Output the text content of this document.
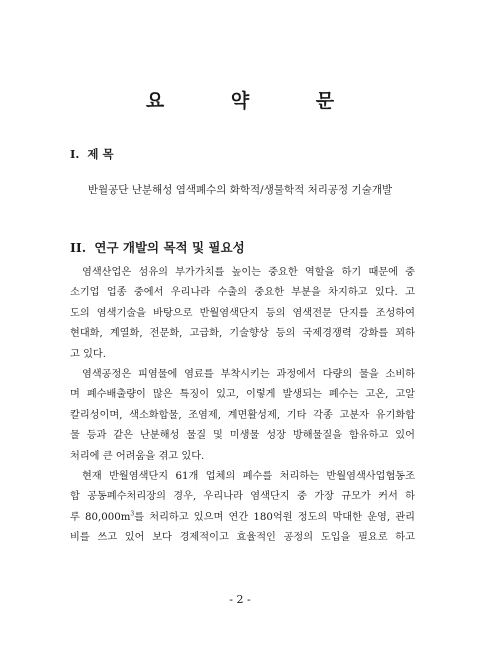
요 약 문
I. 제 목

반월공단 난분해성 염색폐수의 화학적/생물학적 처리공정 기술개발

II. 연구 개발의 목적 및 필요성
염색산업은 섬유의 부가가치를 높이는 중요한 역할을 하기 때문에 중
소기업 업종 중에서 우리나라 수출의 중요한 부분을 차지하고 있다. 고
도의 염색기술을 바탕으로 반월염색단지 등의 염색전문 단지를 조성하여
현대화, 계열화, 전문화, 고급화, 기술향상 등의 국제경쟁력 강화를 꾀하
고 있다.
염색공정은 피염물에 염료를 부착시키는 과정에서 다량의 물을 소비하
며 폐수배출량이 많은 특징이 있고, 이렇게 발생되는 폐수는 고온, 고알
칼리성이며, 색소화합물, 조염제, 계면활성제, 기타 각종 고분자 유기화합
물 등과 같은 난분해성 물질 및 미생물 성장 방해물질을 함유하고 있어
처리에 큰 어려움을 겪고 있다.
현재 반월염색단지 61개 업체의 폐수를 처리하는 반월염색사업협동조
합 공동폐수처리장의 경우, 우리나라 염색단지 중 가장 규모가 커서 하
루 $80,000m^3$를 처리하고 있으며 연간 180억원 정도의 막대한 운영, 관리
비를 쓰고 있어 보다 경제적이고 효율적인 공정의 도입을 필요로 하고

- 2 -
